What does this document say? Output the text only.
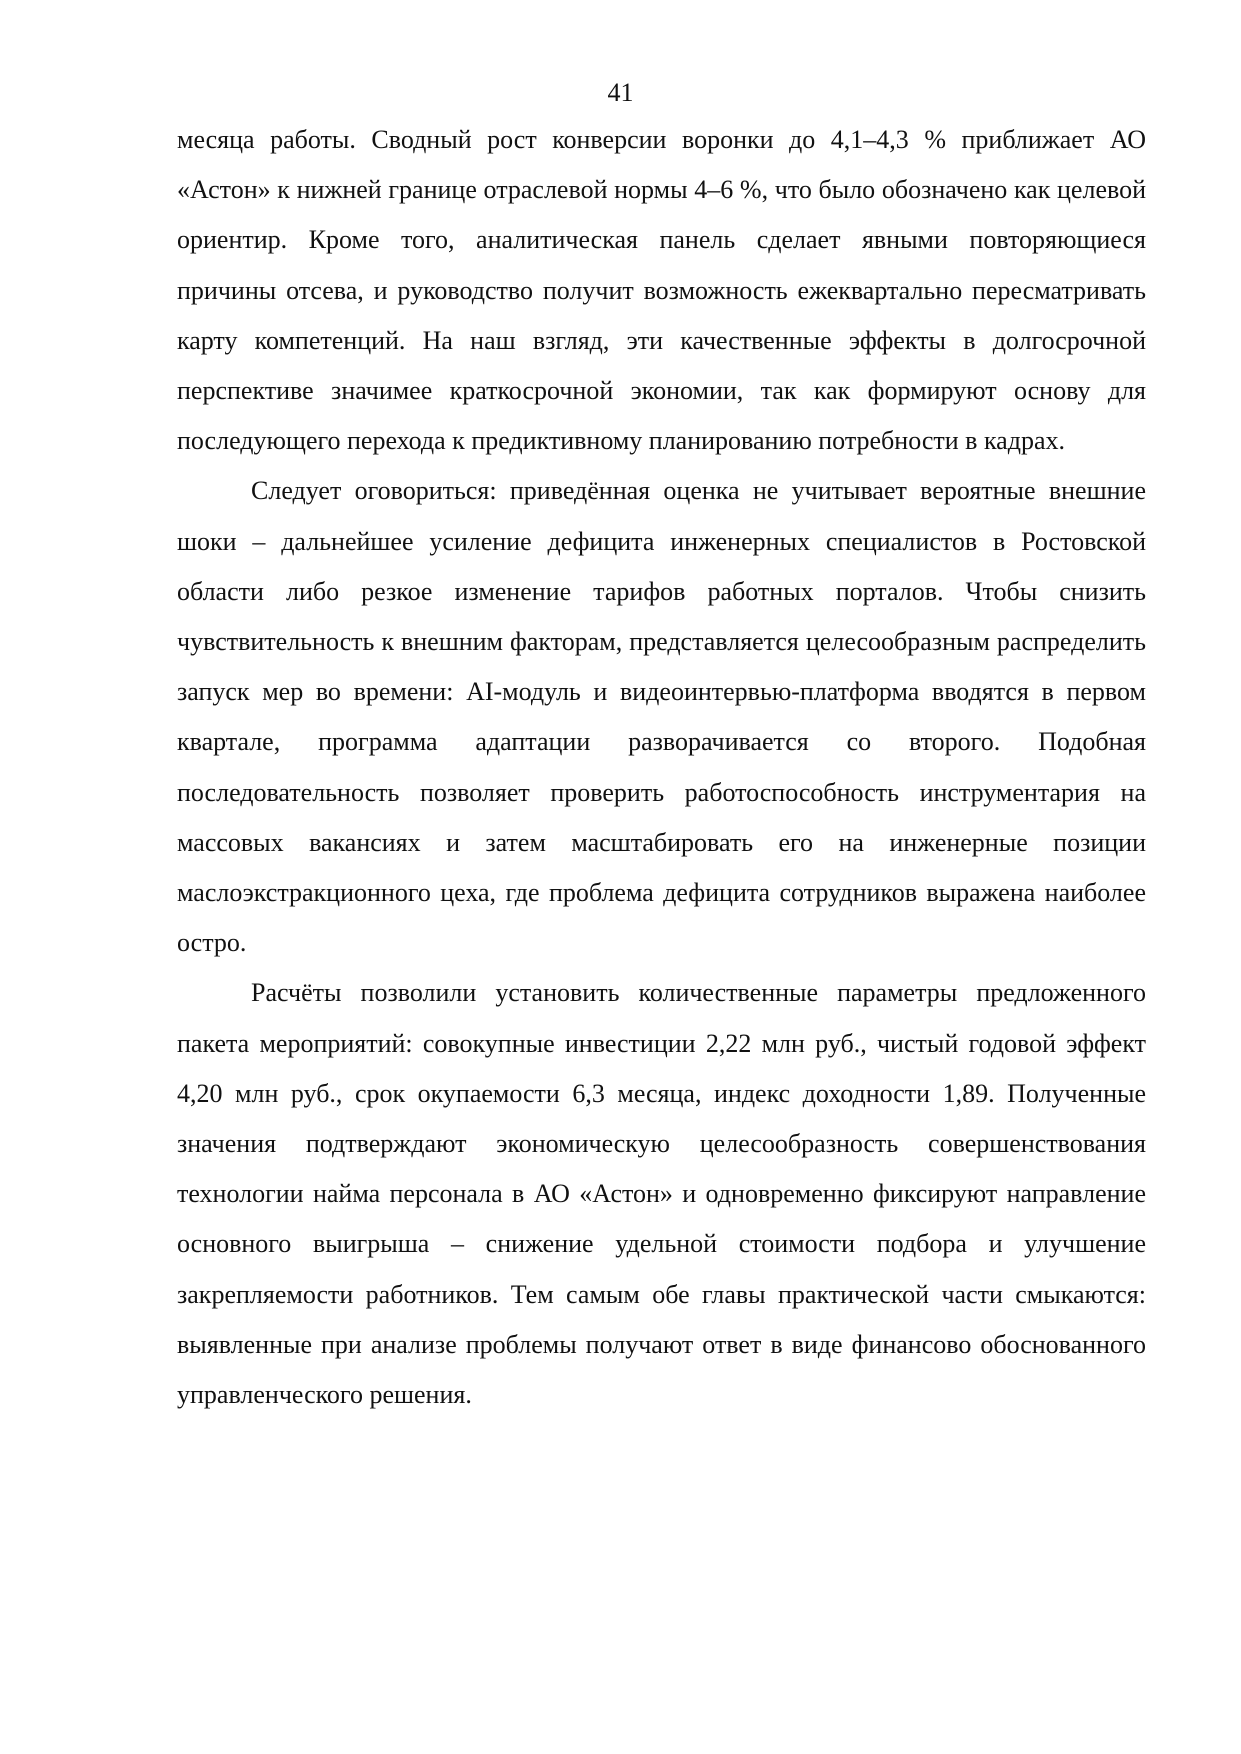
41

месяца работы. Сводный рост конверсии воронки до 4,1–4,3 % приближает АО «Астон» к нижней границе отраслевой нормы 4–6 %, что было обозначено как целевой ориентир. Кроме того, аналитическая панель сделает явными повторяющиеся причины отсева, и руководство получит возможность ежеквартально пересматривать карту компетенций. На наш взгляд, эти качественные эффекты в долгосрочной перспективе значимее краткосрочной экономии, так как формируют основу для последующего перехода к предиктивному планированию потребности в кадрах.

Следует оговориться: приведённая оценка не учитывает вероятные внешние шоки – дальнейшее усиление дефицита инженерных специалистов в Ростовской области либо резкое изменение тарифов работных порталов. Чтобы снизить чувствительность к внешним факторам, представляется целесообразным распределить запуск мер во времени: AI-модуль и видеоинтервью-платформа вводятся в первом квартале, программа адаптации разворачивается со второго. Подобная последовательность позволяет проверить работоспособность инструментария на массовых вакансиях и затем масштабировать его на инженерные позиции маслоэкстракционного цеха, где проблема дефицита сотрудников выражена наиболее остро.

Расчёты позволили установить количественные параметры предложенного пакета мероприятий: совокупные инвестиции 2,22 млн руб., чистый годовой эффект 4,20 млн руб., срок окупаемости 6,3 месяца, индекс доходности 1,89. Полученные значения подтверждают экономическую целесообразность совершенствования технологии найма персонала в АО «Астон» и одновременно фиксируют направление основного выигрыша – снижение удельной стоимости подбора и улучшение закрепляемости работников. Тем самым обе главы практической части смыкаются: выявленные при анализе проблемы получают ответ в виде финансово обоснованного управленческого решения.
